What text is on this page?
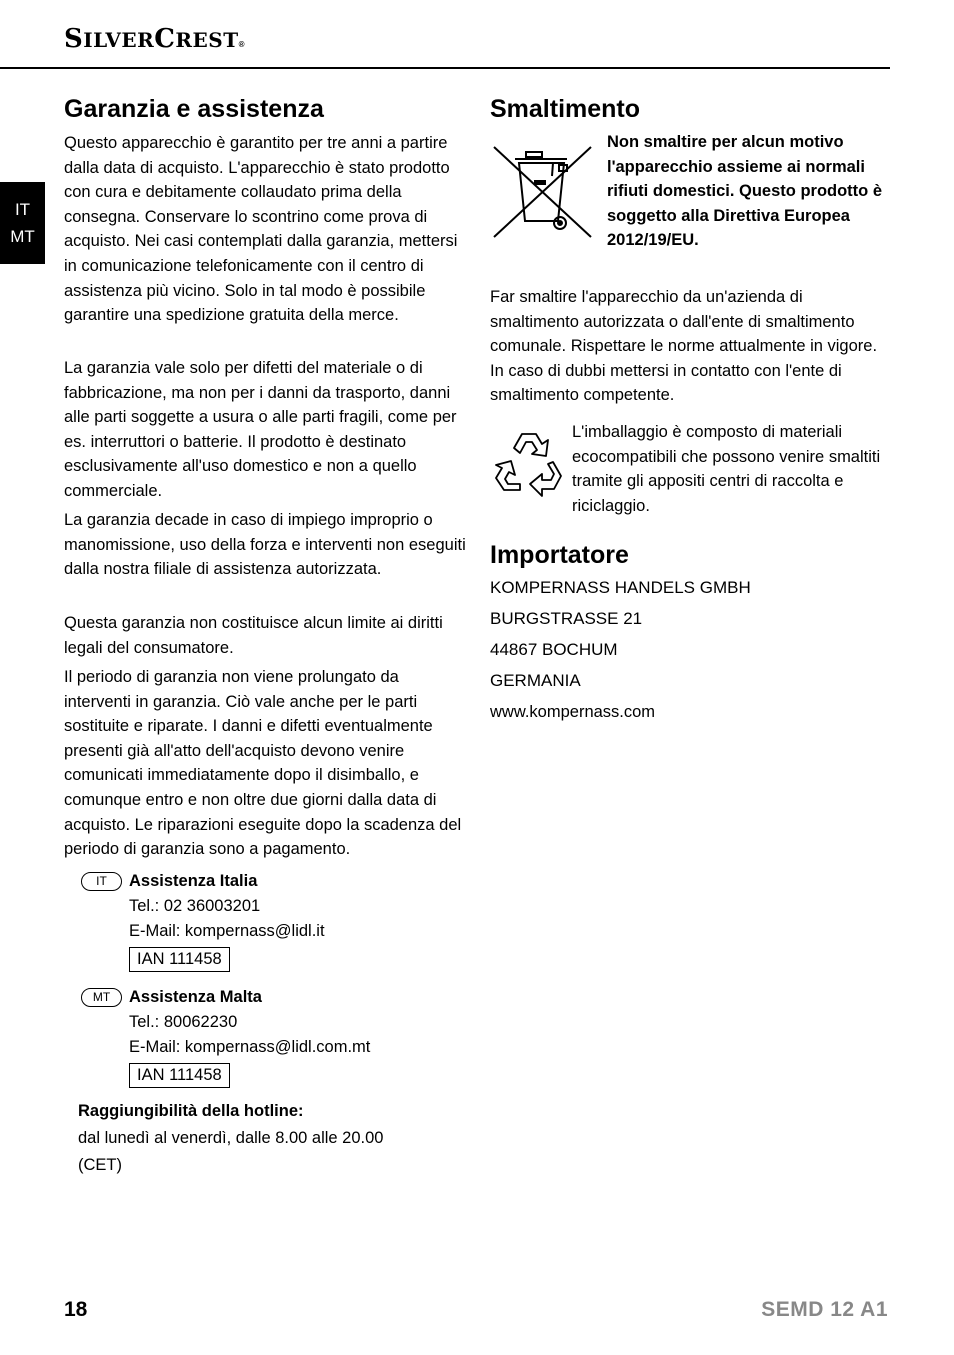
SILVERCREST®
IT
MT
Garanzia e assistenza

Questo apparecchio è garantito per tre anni a partire dalla data di acquisto. L'apparecchio è stato prodotto con cura e debitamente collaudato prima della consegna. Conservare lo scontrino come prova di acquisto. Nei casi contemplati dalla garanzia, mettersi in comunicazione telefonicamente con il centro di assistenza più vicino. Solo in tal modo è possibile garantire una spedizione gratuita della merce.

La garanzia vale solo per difetti del materiale o di fabbricazione, ma non per i danni da trasporto, danni alle parti soggette a usura o alle parti fragili, come per es. interruttori o batterie. Il prodotto è destinato esclusivamente all'uso domestico e non a quello commerciale.

La garanzia decade in caso di impiego improprio o manomissione, uso della forza e interventi non eseguiti dalla nostra filiale di assistenza autorizzata.

Questa garanzia non costituisce alcun limite ai diritti legali del consumatore.

Il periodo di garanzia non viene prolungato da interventi in garanzia. Ciò vale anche per le parti sostituite e riparate. I danni e difetti eventualmente presenti già all'atto dell'acquisto devono venire comunicati immediatamente dopo il disimballo, e comunque entro e non oltre due giorni dalla data di acquisto. Le riparazioni eseguite dopo la scadenza del periodo di garanzia sono a pagamento.

IT	Assistenza Italia
Tel.: 02 36003201
E-Mail: kompernass@lidl.it
IAN 111458
MT	Assistenza Malta
Tel.: 80062230
E-Mail: kompernass@lidl.com.mt
IAN 111458
Raggiungibilità della hotline:
dal lunedì al venerdì, dalle 8.00 alle 20.00
(CET)
Smaltimento
Non smaltire per alcun motivo l'apparecchio assieme ai normali rifiuti domestici. Questo prodotto è soggetto alla Direttiva Europea 2012/19/EU.

Far smaltire l'apparecchio da un'azienda di smaltimento autorizzata o dall'ente di smaltimento comunale. Rispettare le norme attualmente in vigore. In caso di dubbi mettersi in contatto con l'ente di smaltimento competente.

L'imballaggio è composto di materiali ecocompatibili che possono venire smaltiti tramite gli appositi centri di raccolta e riciclaggio.
Importatore
KOMPERNASS HANDELS GMBH
BURGSTRASSE 21
44867 BOCHUM
GERMANIA
www.kompernass.com
18	SEMD 12 A1
